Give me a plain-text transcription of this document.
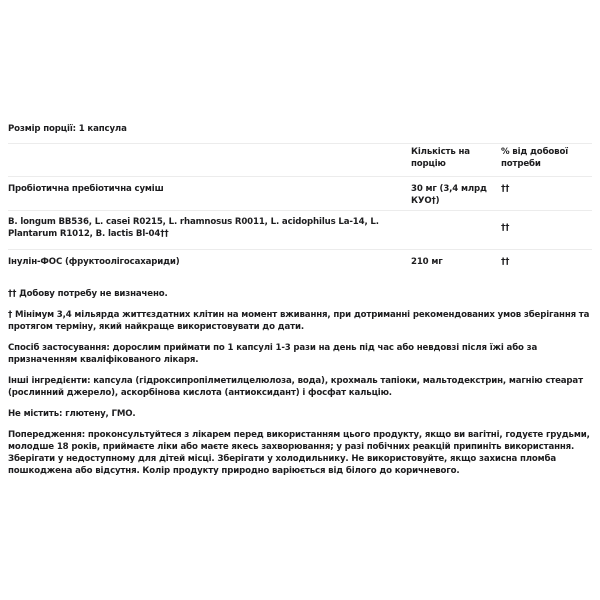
Розмір порції: 1 капсула
	Кількість на порцію	% від добової потреби
Пробіотична пребіотична суміш	30 мг (3,4 млрд КУО†)	††
B. longum BB536, L. casei R0215, L. rhamnosus R0011, L. acidophilus La-14, L. Plantarum R1012, B. lactis Bl-04††		††
Інулін-ФОС (фруктоолігосахариди)	210 мг	††

†† Добову потребу не визначено.

† Мінімум 3,4 мільярда життєздатних клітин на момент вживання, при дотриманні рекомендованих умов зберігання та протягом терміну, який найкраще використовувати до дати.

Спосіб застосування: дорослим приймати по 1 капсулі 1-3 рази на день під час або невдовзі після їжі або за призначенням кваліфікованого лікаря.

Інші інгредієнти: капсула (гідроксипропілметилцелюлоза, вода), крохмаль тапіоки, мальтодекстрин, магнію стеарат (рослинний джерело), аскорбінова кислота (антиоксидант) і фосфат кальцію.

Не містить: глютену, ГМО.

Попередження: проконсультуйтеся з лікарем перед використанням цього продукту, якщо ви вагітні, годуєте грудьми, молодше 18 років, приймаєте ліки або маєте якесь захворювання; у разі побічних реакцій припиніть використання. Зберігати у недоступному для дітей місці. Зберігати у холодильнику. Не використовуйте, якщо захисна пломба пошкоджена або відсутня. Колір продукту природно варіюється від білого до коричневого.
